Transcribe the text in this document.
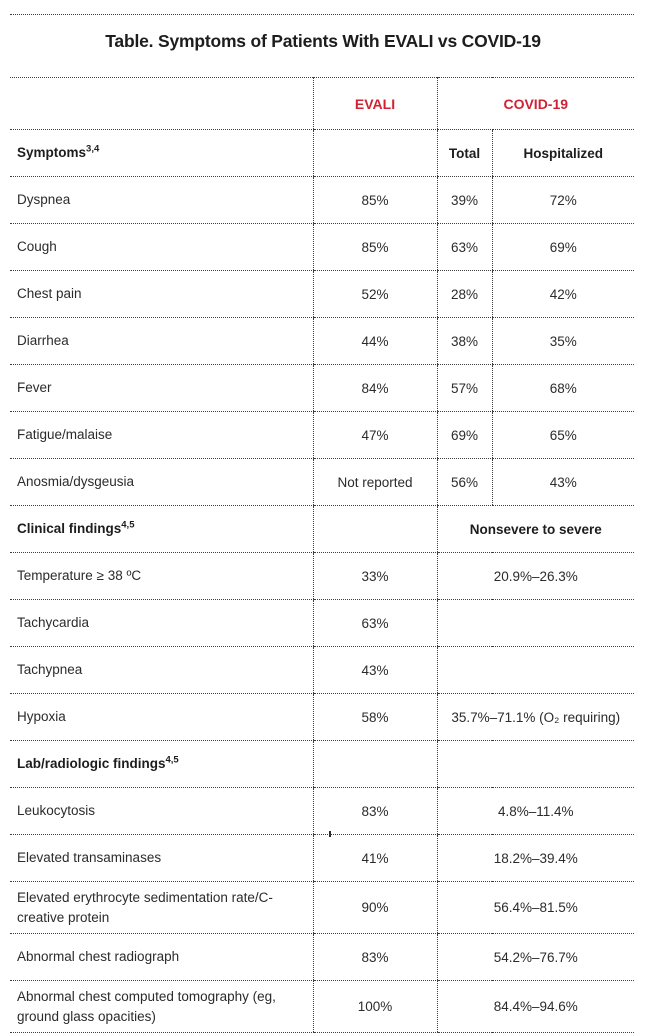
Table. Symptoms of Patients With EVALI vs COVID-19
	EVALI	COVID-19	
Symptoms$^{3,4}$		Total	Hospitalized
Dyspnea	85%	39%	72%
Cough	85%	63%	69%
Chest pain	52%	28%	42%
Diarrhea	44%	38%	35%
Fever	84%	57%	68%
Fatigue/malaise	47%	69%	65%
Anosmia/dysgeusia	Not reported	56%	43%
Clinical findings$^{4,5}$		Nonsevere to severe	
Temperature ≥ 38 ºC	33%	20.9%–26.3%	
Tachycardia	63%		
Tachypnea	43%		
Hypoxia	58%	35.7%–71.1% (O₂ requiring)	
Lab/radiologic findings$^{4,5}$		
Leukocytosis	83%	4.8%–11.4%	
Elevated transaminases	41%	18.2%–39.4%	
Elevated erythrocyte sedimentation rate/C-creative protein	90%	56.4%–81.5%	
Abnormal chest radiograph	83%	54.2%–76.7%	
Abnormal chest computed tomography (eg, ground glass opacities)	100%	84.4%–94.6%	
